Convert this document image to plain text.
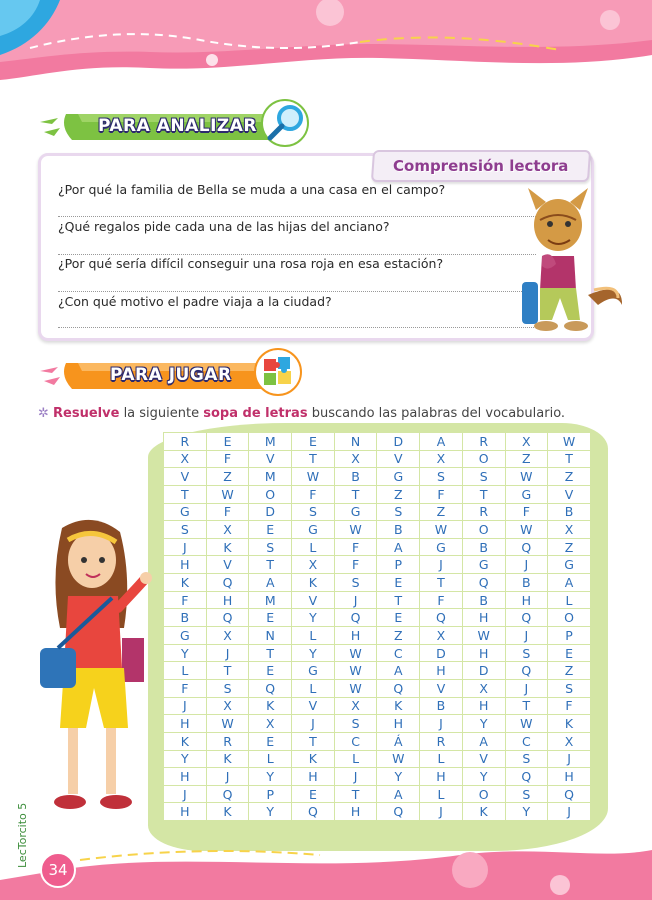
PARA ANALIZAR
Comprensión lectora
¿Por qué la familia de Bella se muda a una casa en el campo?
¿Qué regalos pide cada una de las hijas del anciano?
¿Por qué sería difícil conseguir una rosa roja en esa estación?
¿Con qué motivo el padre viaja a la ciudad?
PARA JUGAR
✲ Resuelve la siguiente sopa de letras buscando las palabras del vocabulario.
R	E	M	E	N	D	A	R	X	W
X	F	V	T	X	V	X	O	Z	T
V	Z	M	W	B	G	S	S	W	Z
T	W	O	F	T	Z	F	T	G	V
G	F	D	S	G	S	Z	R	F	B
S	X	E	G	W	B	W	O	W	X
J	K	S	L	F	A	G	B	Q	Z
H	V	T	X	F	P	J	G	J	G
K	Q	A	K	S	E	T	Q	B	A
F	H	M	V	J	T	F	B	H	L
B	Q	E	Y	Q	E	Q	H	Q	O
G	X	N	L	H	Z	X	W	J	P
Y	J	T	Y	W	C	D	H	S	E
L	T	E	G	W	A	H	D	Q	Z
F	S	Q	L	W	Q	V	X	J	S
J	X	K	V	X	K	B	H	T	F
H	W	X	J	S	H	J	Y	W	K
K	R	E	T	C	Á	R	A	C	X
Y	K	L	K	L	W	L	V	S	J
H	J	Y	H	J	Y	H	Y	Q	H
J	Q	P	E	T	A	L	O	S	Q
H	K	Y	Q	H	Q	J	K	Y	J
34
LecTorcito 5
